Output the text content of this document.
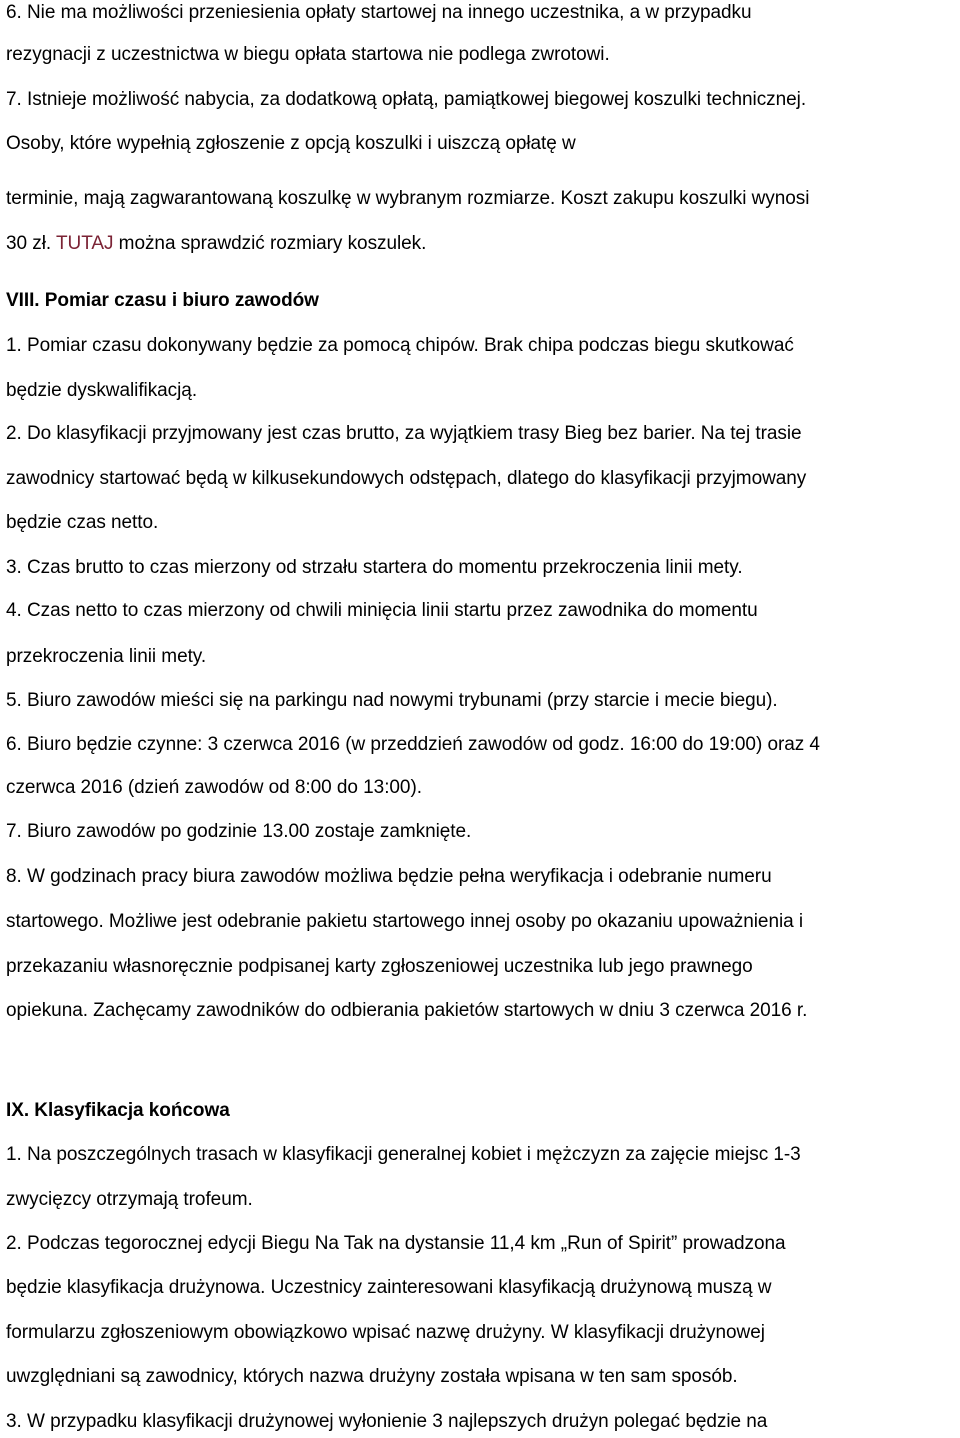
6. Nie ma możliwości przeniesienia opłaty startowej na innego uczestnika, a w przypadku
rezygnacji z uczestnictwa w biegu opłata startowa nie podlega zwrotowi.
7. Istnieje możliwość nabycia, za dodatkową opłatą, pamiątkowej biegowej koszulki technicznej.
Osoby, które wypełnią zgłoszenie z opcją koszulki i uiszczą opłatę w
terminie, mają zagwarantowaną koszulkę w wybranym rozmiarze. Koszt zakupu koszulki wynosi
30 zł. TUTAJ można sprawdzić rozmiary koszulek.
VIII. Pomiar czasu i biuro zawodów
1. Pomiar czasu dokonywany będzie za pomocą chipów. Brak chipa podczas biegu skutkować
będzie dyskwalifikacją.
2. Do klasyfikacji przyjmowany jest czas brutto, za wyjątkiem trasy Bieg bez barier. Na tej trasie
zawodnicy startować będą w kilkusekundowych odstępach, dlatego do klasyfikacji przyjmowany
będzie czas netto.
3. Czas brutto to czas mierzony od strzału startera do momentu przekroczenia linii mety.
4. Czas netto to czas mierzony od chwili minięcia linii startu przez zawodnika do momentu
przekroczenia linii mety.
5. Biuro zawodów mieści się na parkingu nad nowymi trybunami (przy starcie i mecie biegu).
6. Biuro będzie czynne: 3 czerwca 2016 (w przeddzień zawodów od godz. 16:00 do 19:00) oraz 4
czerwca 2016 (dzień zawodów od 8:00 do 13:00).
7. Biuro zawodów po godzinie 13.00 zostaje zamknięte.
8. W godzinach pracy biura zawodów możliwa będzie pełna weryfikacja i odebranie numeru
startowego. Możliwe jest odebranie pakietu startowego innej osoby po okazaniu upoważnienia i
przekazaniu własnoręcznie podpisanej karty zgłoszeniowej uczestnika lub jego prawnego
opiekuna. Zachęcamy zawodników do odbierania pakietów startowych w dniu 3 czerwca 2016 r.
IX. Klasyfikacja końcowa
1. Na poszczególnych trasach w klasyfikacji generalnej kobiet i mężczyzn za zajęcie miejsc 1-3
zwycięzcy otrzymają trofeum.
2. Podczas tegorocznej edycji Biegu Na Tak na dystansie 11,4 km „Run of Spirit” prowadzona
będzie klasyfikacja drużynowa. Uczestnicy zainteresowani klasyfikacją drużynową muszą w
formularzu zgłoszeniowym obowiązkowo wpisać nazwę drużyny. W klasyfikacji drużynowej
uwzględniani są zawodnicy, których nazwa drużyny została wpisana w ten sam sposób.
3. W przypadku klasyfikacji drużynowej wyłonienie 3 najlepszych drużyn polegać będzie na
